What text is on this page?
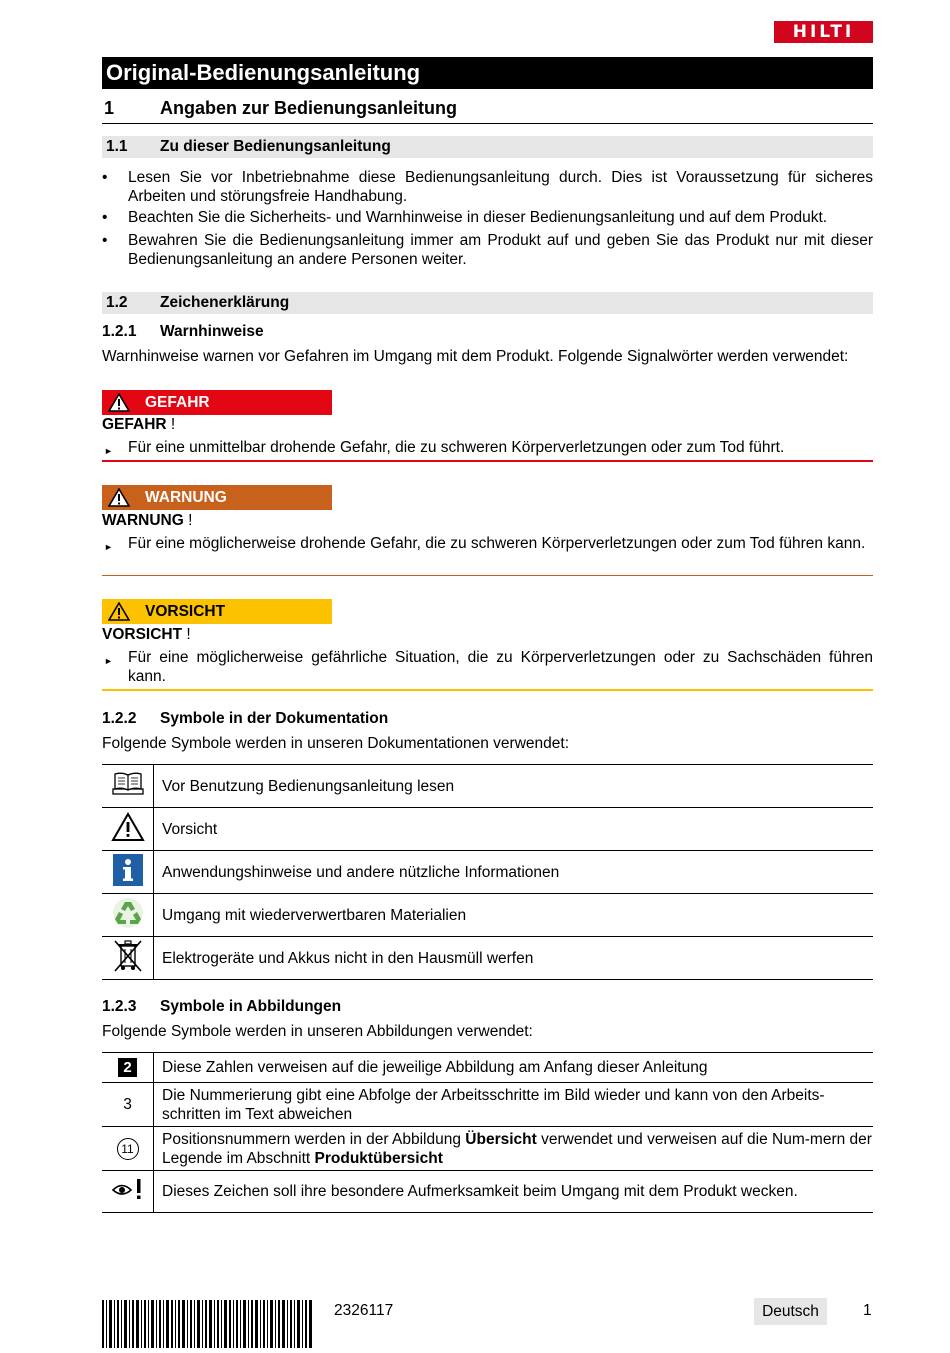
HILTI
Original-Bedienungsanleitung
1	Angaben zur Bedienungsanleitung
1.1 Zu dieser Bedienungsanleitung
• Lesen Sie vor Inbetriebnahme diese Bedienungsanleitung durch. Dies ist Voraussetzung für sicheres Arbeiten und störungsfreie Handhabung.
• Beachten Sie die Sicherheits- und Warnhinweise in dieser Bedienungsanleitung und auf dem Produkt.
• Bewahren Sie die Bedienungsanleitung immer am Produkt auf und geben Sie das Produkt nur mit dieser Bedienungsanleitung an andere Personen weiter.
1.2 Zeichenerklärung
1.2.1 Warnhinweise
Warnhinweise warnen vor Gefahren im Umgang mit dem Produkt. Folgende Signalwörter werden verwendet:
GEFAHR
GEFAHR !
► Für eine unmittelbar drohende Gefahr, die zu schweren Körperverletzungen oder zum Tod führt.
WARNUNG
WARNUNG !
► Für eine möglicherweise drohende Gefahr, die zu schweren Körperverletzungen oder zum Tod führen kann.
VORSICHT
VORSICHT !
► Für eine möglicherweise gefährliche Situation, die zu Körperverletzungen oder zu Sachschäden führen kann.
1.2.2 Symbole in der Dokumentation
Folgende Symbole werden in unseren Dokumentationen verwendet:
	Vor Benutzung Bedienungsanleitung lesen
	Vorsicht
	Anwendungshinweise und andere nützliche Informationen
	Umgang mit wiederverwertbaren Materialien
	Elektrogeräte und Akkus nicht in den Hausmüll werfen
1.2.3 Symbole in Abbildungen
Folgende Symbole werden in unseren Abbildungen verwendet:
2	Diese Zahlen verweisen auf die jeweilige Abbildung am Anfang dieser Anleitung
3	Die Nummerierung gibt eine Abfolge der Arbeitsschritte im Bild wieder und kann von den Arbeits-schritten im Text abweichen
11	Positionsnummern werden in der Abbildung Übersicht verwendet und verweisen auf die Num-mern der Legende im Abschnitt Produktübersicht
	Dieses Zeichen soll ihre besondere Aufmerksamkeit beim Umgang mit dem Produkt wecken.
2326117	Deutsch	1
